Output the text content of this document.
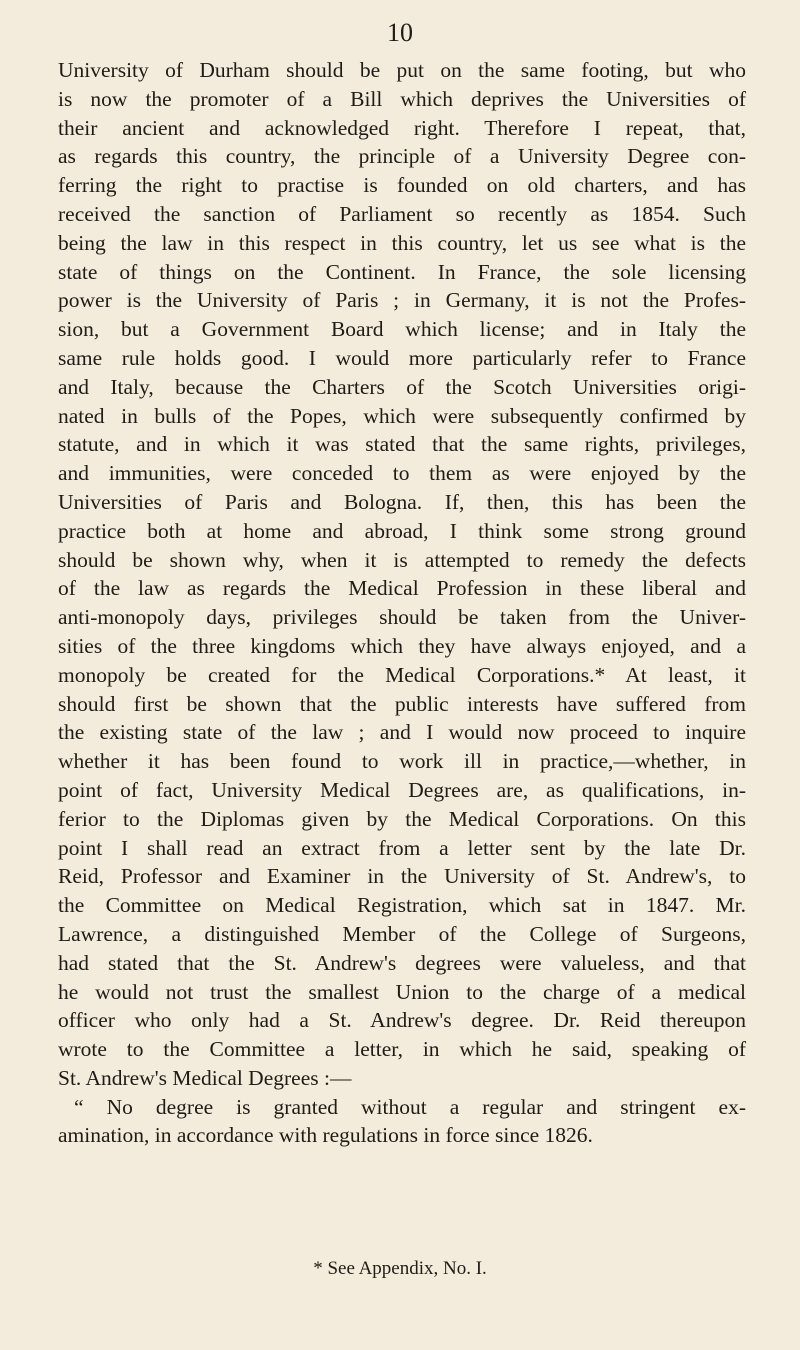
10
University of Durham should be put on the same footing, but who
is now the promoter of a Bill which deprives the Universities of
their ancient and acknowledged right. Therefore I repeat, that,
as regards this country, the principle of a University Degree con-
ferring the right to practise is founded on old charters, and has
received the sanction of Parliament so recently as 1854. Such
being the law in this respect in this country, let us see what is the
state of things on the Continent. In France, the sole licensing
power is the University of Paris ; in Germany, it is not the Profes-
sion, but a Government Board which license; and in Italy the
same rule holds good. I would more particularly refer to France
and Italy, because the Charters of the Scotch Universities origi-
nated in bulls of the Popes, which were subsequently confirmed by
statute, and in which it was stated that the same rights, privileges,
and immunities, were conceded to them as were enjoyed by the
Universities of Paris and Bologna. If, then, this has been the
practice both at home and abroad, I think some strong ground
should be shown why, when it is attempted to remedy the defects
of the law as regards the Medical Profession in these liberal and
anti-monopoly days, privileges should be taken from the Univer-
sities of the three kingdoms which they have always enjoyed, and a
monopoly be created for the Medical Corporations.* At least, it
should first be shown that the public interests have suffered from
the existing state of the law ; and I would now proceed to inquire
whether it has been found to work ill in practice,—whether, in
point of fact, University Medical Degrees are, as qualifications, in-
ferior to the Diplomas given by the Medical Corporations. On this
point I shall read an extract from a letter sent by the late Dr.
Reid, Professor and Examiner in the University of St. Andrew's, to
the Committee on Medical Registration, which sat in 1847. Mr.
Lawrence, a distinguished Member of the College of Surgeons,
had stated that the St. Andrew's degrees were valueless, and that
he would not trust the smallest Union to the charge of a medical
officer who only had a St. Andrew's degree. Dr. Reid thereupon
wrote to the Committee a letter, in which he said, speaking of
St. Andrew's Medical Degrees :—
“ No degree is granted without a regular and stringent ex-
amination, in accordance with regulations in force since 1826.
* See Appendix, No. I.
